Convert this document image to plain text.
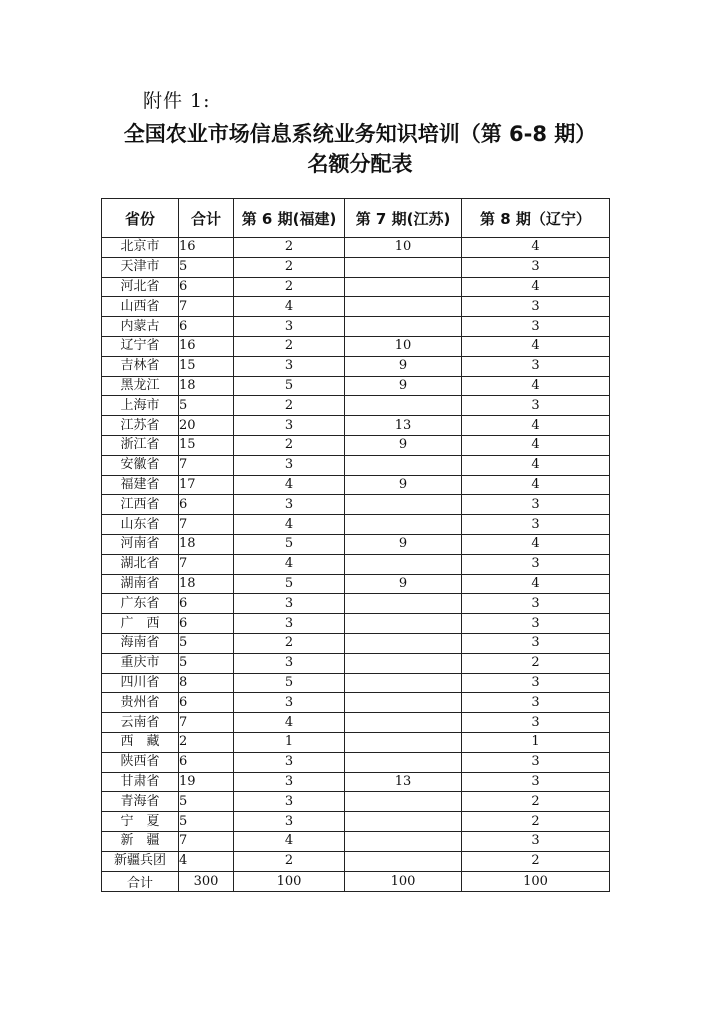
附件 1:
全国农业市场信息系统业务知识培训（第 6-8 期）
名额分配表
省份	合计	第 6 期(福建)	第 7 期(江苏)	第 8 期（辽宁）
北京市	16	2	10	4
天津市	5	2		3
河北省	6	2		4
山西省	7	4		3
内蒙古	6	3		3
辽宁省	16	2	10	4
吉林省	15	3	9	3
黑龙江	18	5	9	4
上海市	5	2		3
江苏省	20	3	13	4
浙江省	15	2	9	4
安徽省	7	3		4
福建省	17	4	9	4
江西省	6	3		3
山东省	7	4		3
河南省	18	5	9	4
湖北省	7	4		3
湖南省	18	5	9	4
广东省	6	3		3
广　西	6	3		3
海南省	5	2		3
重庆市	5	3		2
四川省	8	5		3
贵州省	6	3		3
云南省	7	4		3
西　藏	2	1		1
陕西省	6	3		3
甘肃省	19	3	13	3
青海省	5	3		2
宁　夏	5	3		2
新　疆	7	4		3
新疆兵团	4	2		2
合计	300	100	100	100
